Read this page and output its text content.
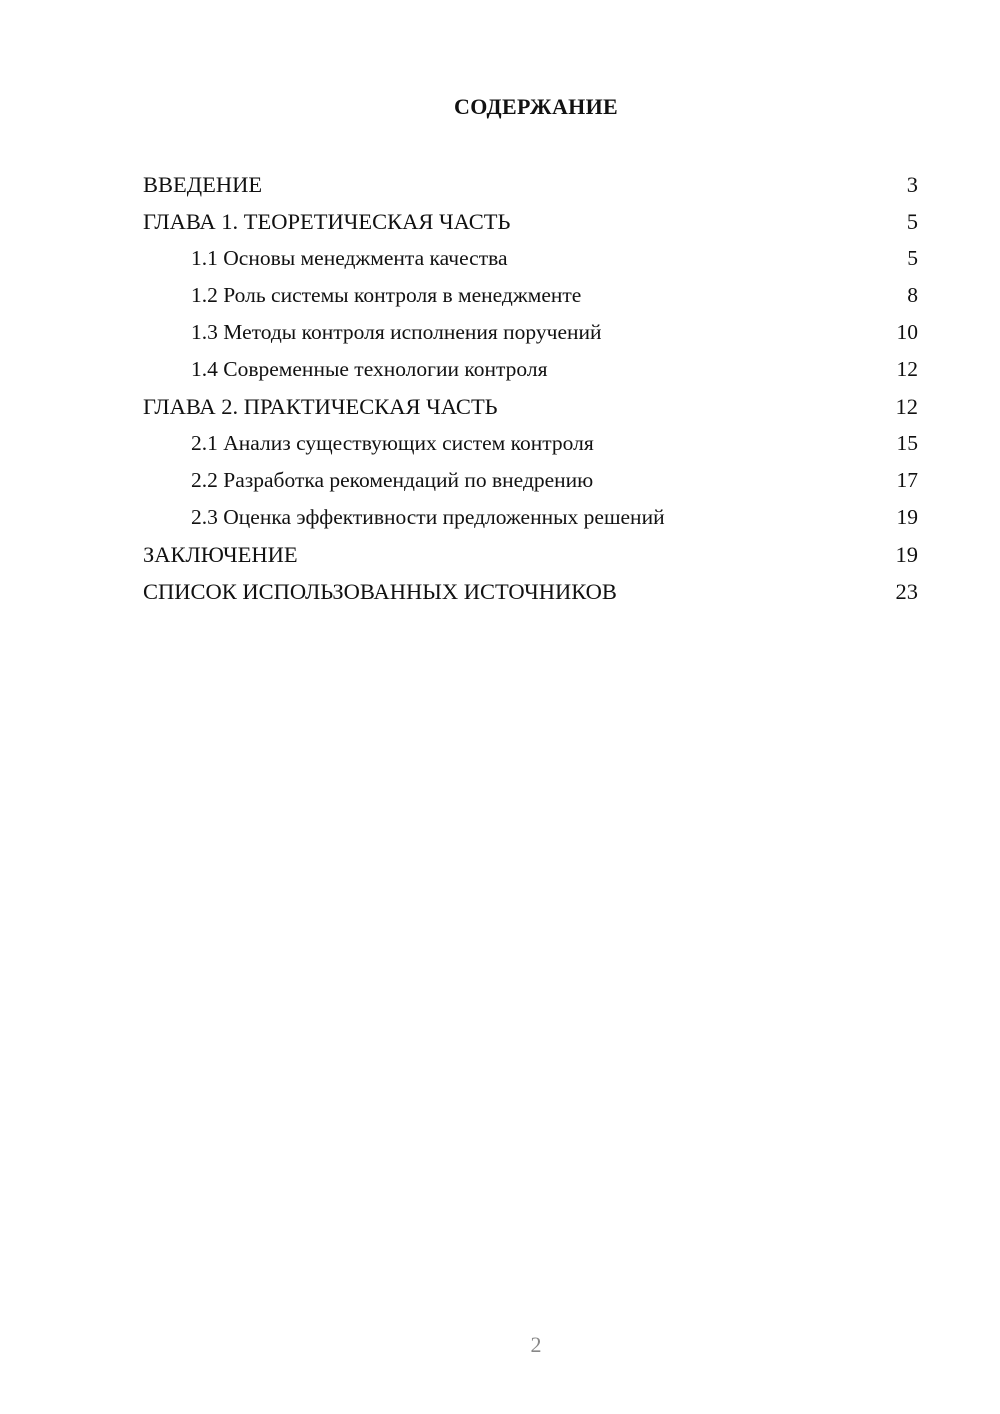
СОДЕРЖАНИЕ
ВВЕДЕНИЕ	3
ГЛАВА 1. ТЕОРЕТИЧЕСКАЯ ЧАСТЬ	5
1.1 Основы менеджмента качества	5
1.2 Роль системы контроля в менеджменте	8
1.3 Методы контроля исполнения поручений	10
1.4 Современные технологии контроля	12
ГЛАВА 2. ПРАКТИЧЕСКАЯ ЧАСТЬ	12
2.1 Анализ существующих систем контроля	15
2.2 Разработка рекомендаций по внедрению	17
2.3 Оценка эффективности предложенных решений	19
ЗАКЛЮЧЕНИЕ	19
СПИСОК ИСПОЛЬЗОВАННЫХ ИСТОЧНИКОВ	23

2
